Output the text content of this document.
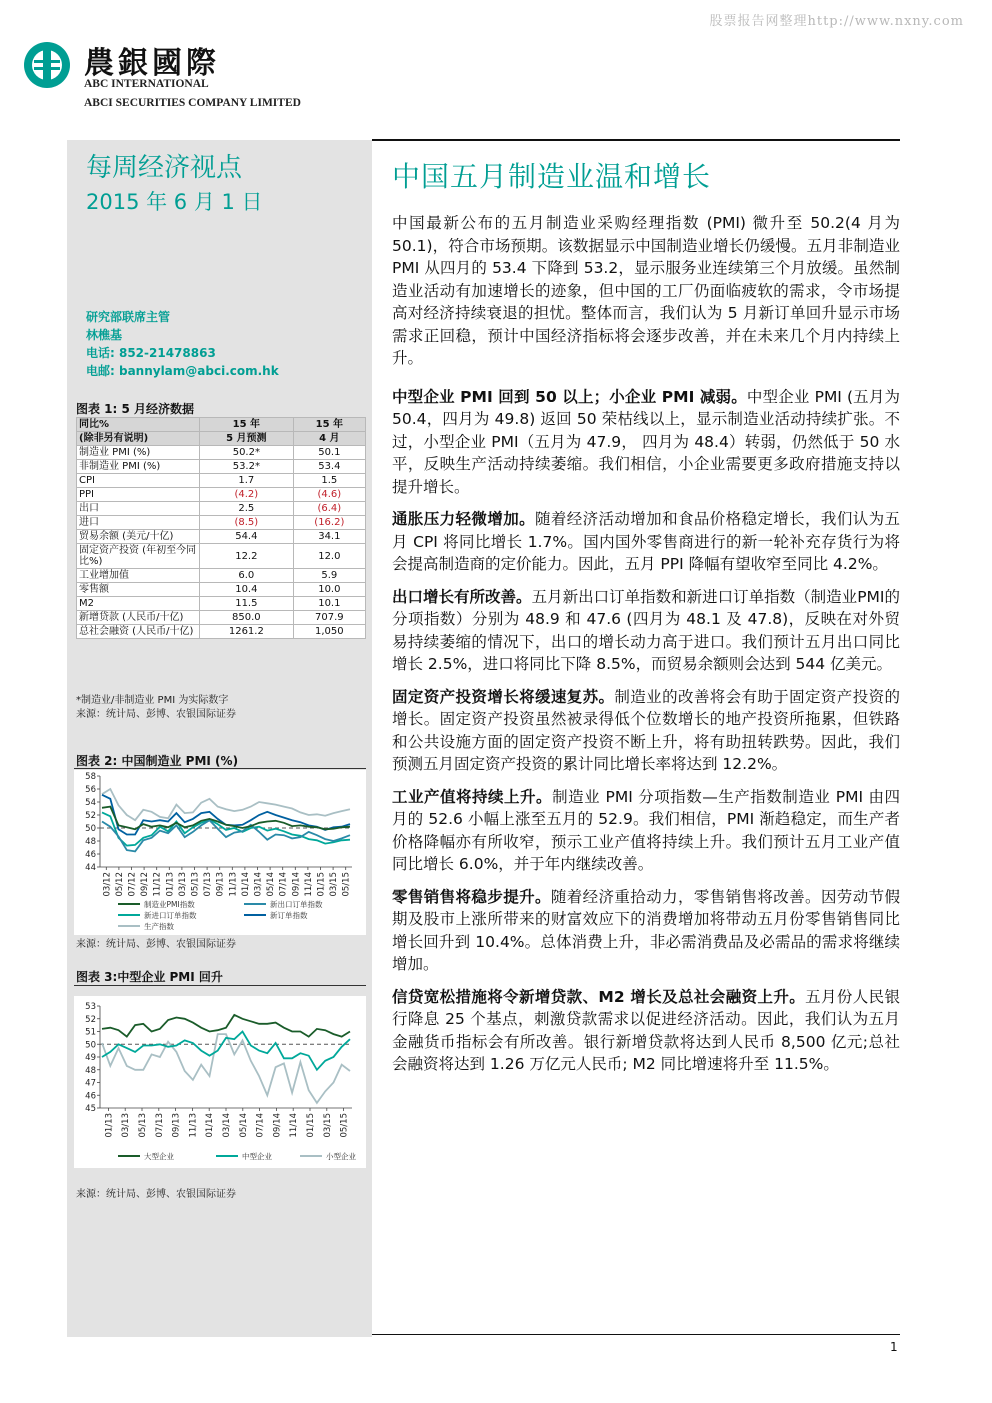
股票报告网整理http://www.nxny.com
農銀國際
ABC INTERNATIONAL
ABCI SECURITIES COMPANY LIMITED
每周经济视点
2015 年 6 月 1 日
研究部联席主管
林樵基
电话: 852-21478863
电邮: bannylam@abci.com.hk
图表 1: 5 月经济数据
同比%	15 年	15 年
(除非另有说明)	5 月预测	4 月
制造业 PMI (%)	50.2*	50.1
非制造业 PMI (%)	53.2*	53.4
CPI	1.7	1.5
PPI	(4.2)	(4.6)
出口	2.5	(6.4)
进口	(8.5)	(16.2)
贸易余额 (美元/十亿)	54.4	34.1
固定资产投资 (年初至今同比%)	12.2	12.0
工业增加值	6.0	5.9
零售额	10.4	10.0
M2	11.5	10.1
新增贷款 (人民币/十亿)	850.0	707.9
总社会融资 (人民币/十亿)	1261.2	1,050
*制造业/非制造业 PMI 为实际数字
来源：统计局、彭博、农银国际证券
图表 2: 中国制造业 PMI (%)
44
46
48
50
52
54
56
58
03/12 05/12 07/12 09/12 11/12 01/13 03/13 05/13 07/13 09/13 11/13 01/14 03/14 05/14 07/14 09/14 11/14 01/15 03/15 05/15
制造业PMI指数	新出口订单指数
新进口订单指数	新订单指数
生产指数
来源：统计局、彭博、农银国际证券
图表 3:中型企业 PMI 回升
45
46
47
48
49
50
51
52
53
01/13 03/13 05/13 07/13 09/13 11/13 01/14 03/14 05/14 07/14 09/14 11/14 01/15 03/15 05/15
大型企业	中型企业	小型企业
来源：统计局、彭博、农银国际证券
中国五月制造业温和增长

中国最新公布的五月制造业采购经理指数 (PMI) 微升至 50.2(4 月为 50.1)，符合市场预期。该数据显示中国制造业增长仍缓慢。五月非制造业 PMI 从四月的 53.4 下降到 53.2，显示服务业连续第三个月放缓。虽然制造业活动有加速增长的迹象，但中国的工厂仍面临疲软的需求，令市场提高对经济持续衰退的担忧。整体而言，我们认为 5 月新订单回升显示市场需求正回稳，预计中国经济指标将会逐步改善，并在未来几个月内持续上升。

中型企业 PMI 回到 50 以上；小企业 PMI 减弱。中型企业 PMI (五月为 50.4，四月为 49.8) 返回 50 荣枯线以上，显示制造业活动持续扩张。不过，小型企业 PMI（五月为 47.9， 四月为 48.4）转弱，仍然低于 50 水平，反映生产活动持续萎缩。我们相信，小企业需要更多政府措施支持以提升增长。

通胀压力轻微增加。随着经济活动增加和食品价格稳定增长，我们认为五月 CPI 将同比增长 1.7%。国内国外零售商进行的新一轮补充存货行为将会提高制造商的定价能力。因此，五月 PPI 降幅有望收窄至同比 4.2%。

出口增长有所改善。五月新出口订单指数和新进口订单指数（制造业PMI的分项指数）分别为 48.9 和 47.6 (四月为 48.1 及 47.8)，反映在对外贸易持续萎缩的情况下，出口的增长动力高于进口。我们预计五月出口同比增长 2.5%，进口将同比下降 8.5%，而贸易余额则会达到 544 亿美元。

固定资产投资增长将缓速复苏。制造业的改善将会有助于固定资产投资的增长。固定资产投资虽然被录得低个位数增长的地产投资所拖累，但铁路和公共设施方面的固定资产投资不断上升，将有助扭转跌势。因此，我们预测五月固定资产投资的累计同比增长率将达到 12.2%。

工业产值将持续上升。制造业 PMI 分项指数—生产指数制造业 PMI 由四月的 52.6 小幅上涨至五月的 52.9。我们相信，PMI 渐趋稳定，而生产者价格降幅亦有所收窄，预示工业产值将持续上升。我们预计五月工业产值同比增长 6.0%，并于年内继续改善。

零售销售将稳步提升。随着经济重拾动力，零售销售将改善。因劳动节假期及股市上涨所带来的财富效应下的消费增加将带动五月份零售销售同比增长回升到 10.4%。总体消费上升，非必需消费品及必需品的需求将继续增加。

信贷宽松措施将令新增贷款、M2 增长及总社会融资上升。五月份人民银行降息 25 个基点，刺激贷款需求以促进经济活动。因此，我们认为五月金融货币指标会有所改善。银行新增贷款将达到人民币 8,500 亿元;总社会融资将达到 1.26 万亿元人民币; M2 同比增速将升至 11.5%。

1
